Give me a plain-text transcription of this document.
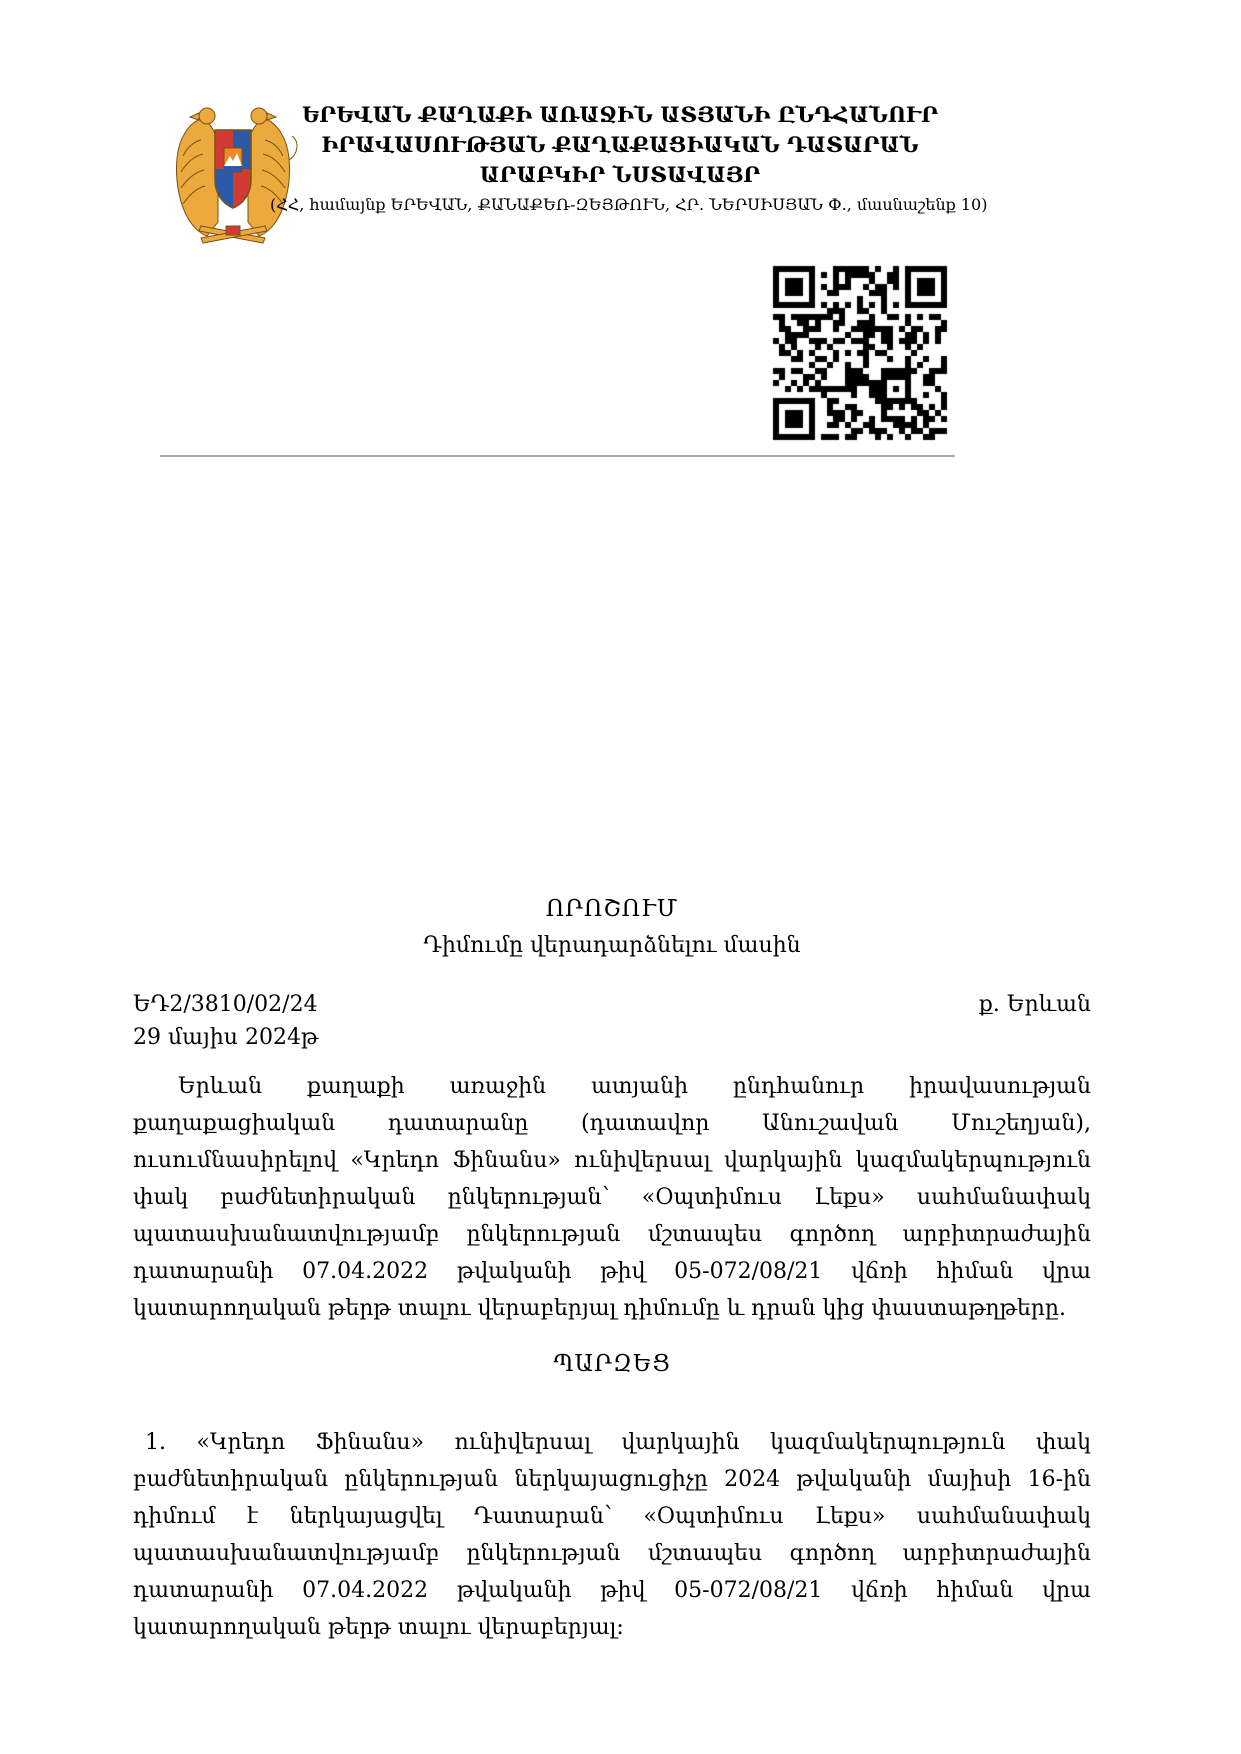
ԵՐԵՎԱՆ ՔԱՂԱՔԻ ԱՌԱՋԻՆ ԱՏՅԱՆԻ ԸՆԴՀԱՆՈՒՐ
ԻՐԱՎԱՍՈՒԹՅԱՆ ՔԱՂԱՔԱՑԻԱԿԱՆ ԴԱՏԱՐԱՆ
ԱՐԱԲԿԻՐ ՆՍՏԱՎԱՅՐ
(ՀՀ, համայնք ԵՐԵՎԱՆ, ՔԱՆԱՔԵՌ-ԶԵՅԹՈՒՆ, ՀՐ. ՆԵՐՍԻՍՅԱՆ Փ., մասնաշենք 10)
ՈՐՈՇՈՒՄ
Դիմումը վերադարձնելու մասին
ԵԴ2/3810/02/24	ք. Երևան
29 մայիս 2024թ

Երևան քաղաքի առաջին ատյանի ընդհանուր իրավասության քաղաքացիական դատարանը (դատավոր Անուշավան Մուշեղյան), ուսումնասիրելով «Կրեդո Ֆինանս» ունիվերսալ վարկային կազմակերպություն փակ բաժնետիրական ընկերության՝ «Օպտիմուս Լեքս» սահմանափակ պատասխանատվությամբ ընկերության մշտապես գործող արբիտրաժային դատարանի 07.04.2022 թվականի թիվ 05-072/08/21 վճռի հիման վրա կատարողական թերթ տալու վերաբերյալ դիմումը և դրան կից փաստաթղթերը.

ՊԱՐԶԵՑ

1. «Կրեդո Ֆինանս» ունիվերսալ վարկային կազմակերպություն փակ բաժնետիրական ընկերության ներկայացուցիչը 2024 թվականի մայիսի 16-ին դիմում է ներկայացվել Դատարան՝ «Օպտիմուս Լեքս» սահմանափակ պատասխանատվությամբ ընկերության մշտապես գործող արբիտրաժային դատարանի 07.04.2022 թվականի թիվ 05-072/08/21 վճռի հիման վրա կատարողական թերթ տալու վերաբերյալ։
